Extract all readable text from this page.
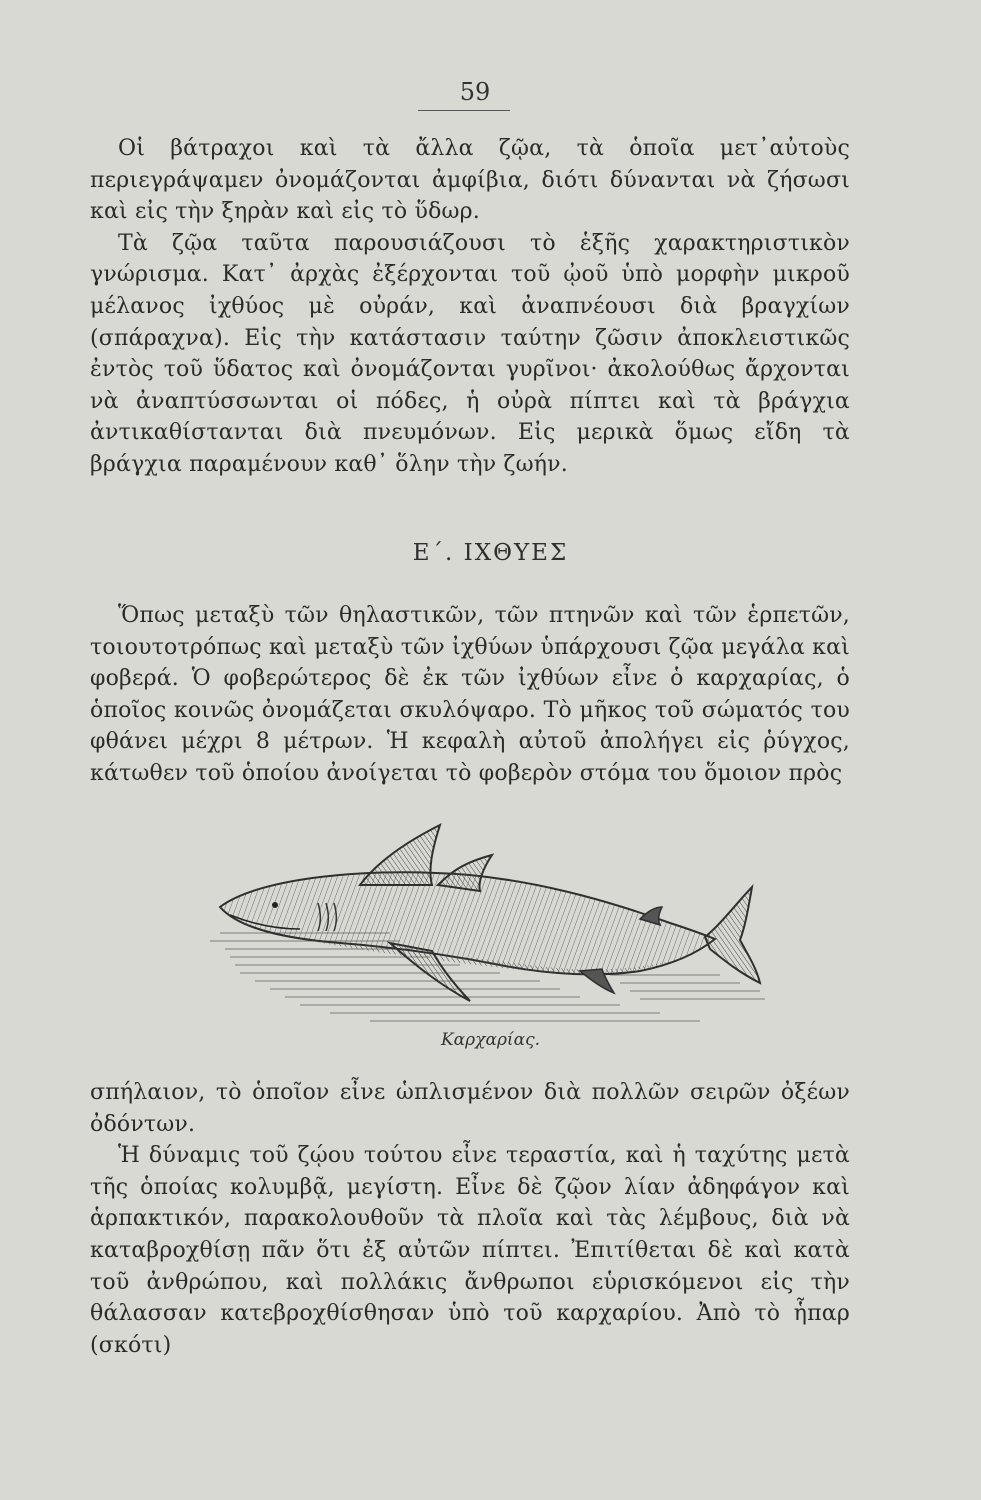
59

Οἱ βάτραχοι καὶ τὰ ἄλλα ζῷα, τὰ ὁποῖα μετ᾽αὐτοὺς περιεγράψαμεν ὀνομάζονται ἀμφίβια, διότι δύνανται νὰ ζήσωσι καὶ εἰς τὴν ξηρὰν καὶ εἰς τὸ ὕδωρ.

Τὰ ζῷα ταῦτα παρουσιάζουσι τὸ ἑξῆς χαρακτηριστικὸν γνώρισμα. Κατ᾽ ἀρχὰς ἐξέρχονται τοῦ ᾠοῦ ὑπὸ μορφὴν μικροῦ μέλανος ἰχθύος μὲ οὐράν, καὶ ἀναπνέουσι διὰ βραγχίων (σπάραχνα). Εἰς τὴν κατάστασιν ταύτην ζῶσιν ἀποκλειστικῶς ἐντὸς τοῦ ὕδατος καὶ ὀνομάζονται γυρῖνοι· ἀκολούθως ἄρχονται νὰ ἀναπτύσσωνται οἱ πόδες, ἡ οὐρὰ πίπτει καὶ τὰ βράγχια ἀντικαθίστανται διὰ πνευμόνων. Εἰς μερικὰ ὅμως εἴδη τὰ βράγχια παραμένουν καθ᾽ ὅλην τὴν ζωήν.

Ε΄. ΙΧΘΥΕΣ

Ὅπως μεταξὺ τῶν θηλαστικῶν, τῶν πτηνῶν καὶ τῶν ἑρπετῶν, τοιουτοτρόπως καὶ μεταξὺ τῶν ἰχθύων ὑπάρχουσι ζῷα μεγάλα καὶ φοβερά. Ὁ φοβερώτερος δὲ ἐκ τῶν ἰχθύων εἶνε ὁ καρχαρίας, ὁ ὁποῖος κοινῶς ὀνομάζεται σκυλόψαρο. Τὸ μῆκος τοῦ σώματός του φθάνει μέχρι 8 μέτρων. Ἡ κεφαλὴ αὐτοῦ ἀπολήγει εἰς ῥύγχος, κάτωθεν τοῦ ὁποίου ἀνοίγεται τὸ φοβερὸν στόμα του ὅμοιον πρὸς

Καρχαρίας.

σπήλαιον, τὸ ὁποῖον εἶνε ὡπλισμένον διὰ πολλῶν σειρῶν ὀξέων ὀδόντων.

Ἡ δύναμις τοῦ ζῴου τούτου εἶνε τεραστία, καὶ ἡ ταχύτης μετὰ τῆς ὁποίας κολυμβᾷ, μεγίστη. Εἶνε δὲ ζῷον λίαν ἀδηφάγον καὶ ἁρπακτικόν, παρακολουθοῦν τὰ πλοῖα καὶ τὰς λέμβους, διὰ νὰ καταβροχθίσῃ πᾶν ὅτι ἐξ αὐτῶν πίπτει. Ἐπιτίθεται δὲ καὶ κατὰ τοῦ ἀνθρώπου, καὶ πολλάκις ἄνθρωποι εὑρισκόμενοι εἰς τὴν θάλασσαν κατεβροχθίσθησαν ὑπὸ τοῦ καρχαρίου. Ἀπὸ τὸ ἧπαρ (σκότι)
